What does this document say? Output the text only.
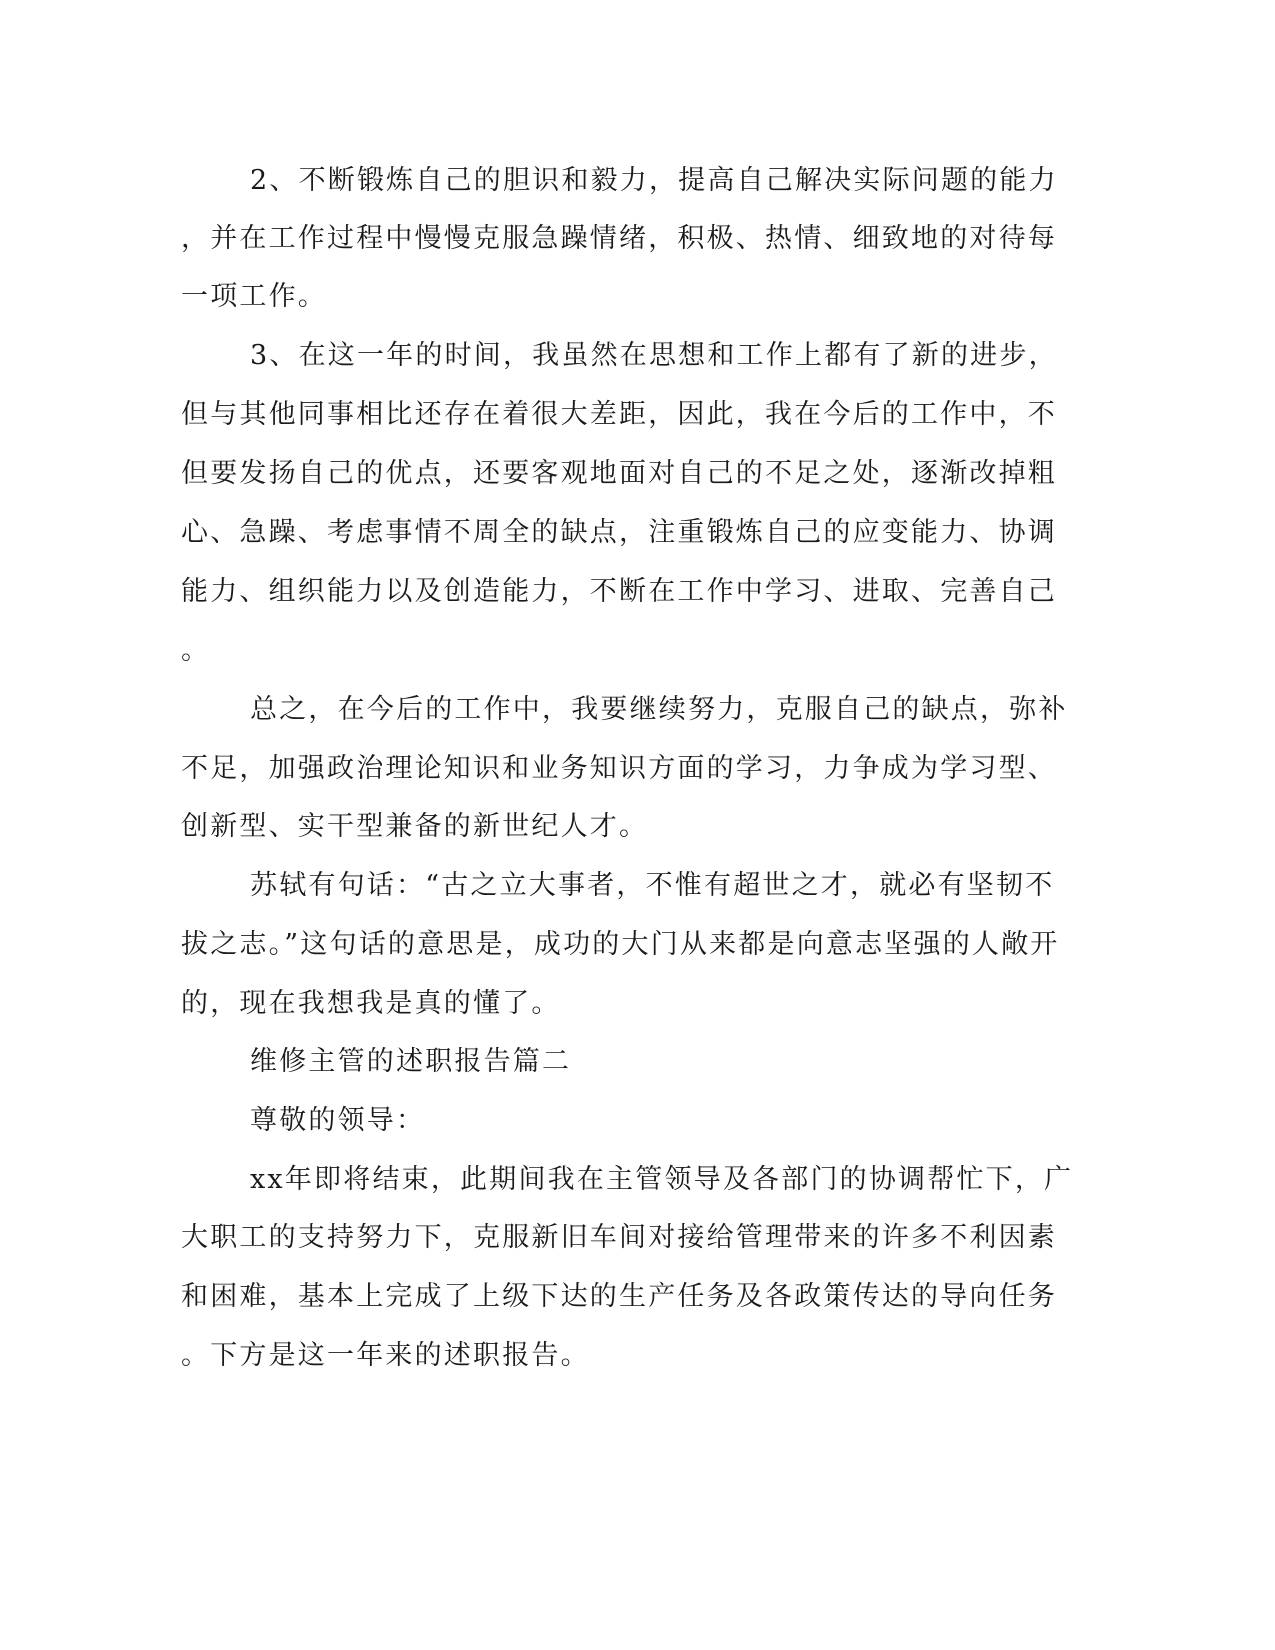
2、不断锻炼自己的胆识和毅力，提高自己解决实际问题的能力
，并在工作过程中慢慢克服急躁情绪，积极、热情、细致地的对待每
一项工作。
3、在这一年的时间，我虽然在思想和工作上都有了新的进步，
但与其他同事相比还存在着很大差距，因此，我在今后的工作中，不
但要发扬自己的优点，还要客观地面对自己的不足之处，逐渐改掉粗
心、急躁、考虑事情不周全的缺点，注重锻炼自己的应变能力、协调
能力、组织能力以及创造能力，不断在工作中学习、进取、完善自己
。
总之，在今后的工作中，我要继续努力，克服自己的缺点，弥补
不足，加强政治理论知识和业务知识方面的学习，力争成为学习型、
创新型、实干型兼备的新世纪人才。
苏轼有句话：“古之立大事者，不惟有超世之才，就必有坚韧不
拔之志。”这句话的意思是，成功的大门从来都是向意志坚强的人敞开
的，现在我想我是真的懂了。
维修主管的述职报告篇二
尊敬的领导：
xx年即将结束，此期间我在主管领导及各部门的协调帮忙下，广
大职工的支持努力下，克服新旧车间对接给管理带来的许多不利因素
和困难，基本上完成了上级下达的生产任务及各政策传达的导向任务
。下方是这一年来的述职报告。
